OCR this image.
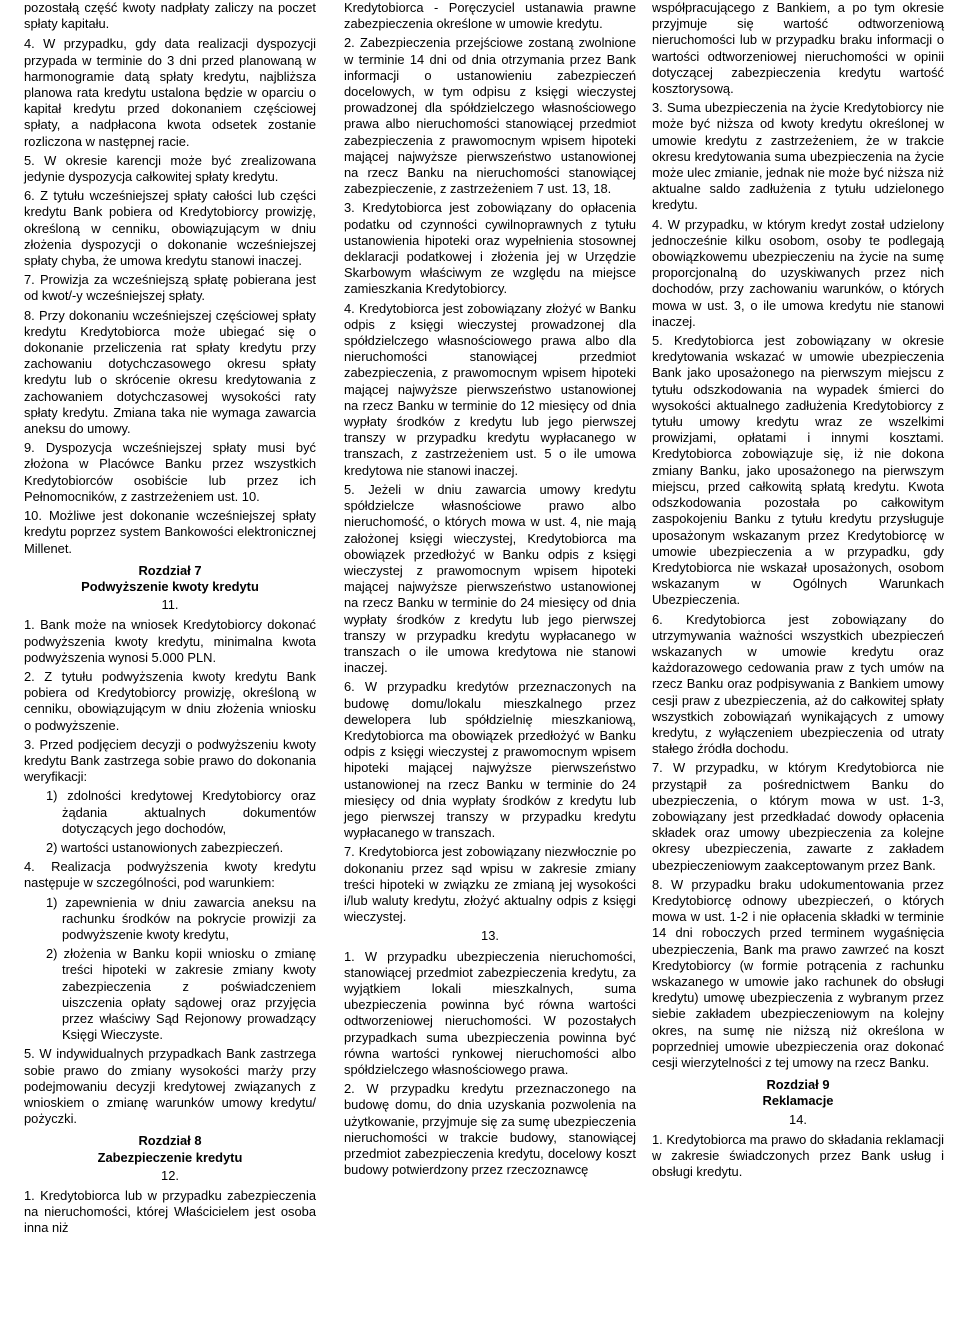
pozostałą część kwoty nadpłaty zaliczy na poczet spłaty kapitału.

4. W przypadku, gdy data realizacji dyspozycji przypada w terminie do 3 dni przed planowaną w harmonogramie datą spłaty kredytu, najbliższa planowa rata kredytu ustalona będzie w oparciu o kapitał kredytu przed dokonaniem częściowej spłaty, a nadpłacona kwota odsetek zostanie rozliczona w następnej racie.

5. W okresie karencji może być zrealizowana jedynie dyspozycja całkowitej spłaty kredytu.

6. Z tytułu wcześniejszej spłaty całości lub części kredytu Bank pobiera od Kredytobiorcy prowizję, określoną w cenniku, obowiązującym w dniu złożenia dyspozycji o dokonanie wcześniejszej spłaty chyba, że umowa kredytu stanowi inaczej.

7. Prowizja za wcześniejszą spłatę pobierana jest od kwot/-y wcześniejszej spłaty.

8. Przy dokonaniu wcześniejszej częściowej spłaty kredytu Kredytobiorca może ubiegać się o dokonanie przeliczenia rat spłaty kredytu przy zachowaniu dotychczasowego okresu spłaty kredytu lub o skrócenie okresu kredytowania z zachowaniem dotychczasowej wysokości raty spłaty kredytu. Zmiana taka nie wymaga zawarcia aneksu do umowy.

9. Dyspozycja wcześniejszej spłaty musi być złożona w Placówce Banku przez wszystkich Kredytobiorców osobiście lub przez ich Pełnomocników, z zastrzeżeniem ust. 10.

10. Możliwe jest dokonanie wcześniejszej spłaty kredytu poprzez system Bankowości elektronicznej Millenet.

Rozdział 7
Podwyższenie kwoty kredytu
11.

1. Bank może na wniosek Kredytobiorcy dokonać podwyższenia kwoty kredytu, minimalna kwota podwyższenia wynosi 5.000 PLN.

2. Z tytułu podwyższenia kwoty kredytu Bank pobiera od Kredytobiorcy prowizję, określoną w cenniku, obowiązującym w dniu złożenia wniosku o podwyższenie.

3. Przed podjęciem decyzji o podwyższeniu kwoty kredytu Bank zastrzega sobie prawo do dokonania weryfikacji:

1) zdolności kredytowej Kredytobiorcy oraz żądania aktualnych dokumentów dotyczących jego dochodów,

2) wartości ustanowionych zabezpieczeń.

4. Realizacja podwyższenia kwoty kredytu następuje w szczególności, pod warunkiem:

1) zapewnienia w dniu zawarcia aneksu na rachunku środków na pokrycie prowizji za podwyższenie kwoty kredytu,

2) złożenia w Banku kopii wniosku o zmianę treści hipoteki w zakresie zmiany kwoty zabezpieczenia z poświadczeniem uiszczenia opłaty sądowej oraz przyjęcia przez właściwy Sąd Rejonowy prowadzący Księgi Wieczyste.

5. W indywidualnych przypadkach Bank zastrzega sobie prawo do zmiany wysokości marży przy podejmowaniu decyzji kredytowej związanych z wnioskiem o zmianę warunków umowy kredytu/ pożyczki.

Rozdział 8
Zabezpieczenie kredytu
12.

1. Kredytobiorca lub w przypadku zabezpieczenia na nieruchomości, której Właścicielem jest osoba inna niż

Kredytobiorca - Poręczyciel ustanawia prawne zabezpieczenia określone w umowie kredytu.

2. Zabezpieczenia przejściowe zostaną zwolnione w terminie 14 dni od dnia otrzymania przez Bank informacji o ustanowieniu zabezpieczeń docelowych, w tym odpisu z księgi wieczystej prowadzonej dla spółdzielczego własnościowego prawa albo nieruchomości stanowiącej przedmiot zabezpieczenia z prawomocnym wpisem hipoteki mającej najwyższe pierwszeństwo ustanowionej na rzecz Banku na nieruchomości stanowiącej zabezpieczenie, z zastrzeżeniem 7 ust. 13, 18.

3. Kredytobiorca jest zobowiązany do opłacenia podatku od czynności cywilnoprawnych z tytułu ustanowienia hipoteki oraz wypełnienia stosownej deklaracji podatkowej i złożenia jej w Urzędzie Skarbowym właściwym ze względu na miejsce zamieszkania Kredytobiorcy.

4. Kredytobiorca jest zobowiązany złożyć w Banku odpis z księgi wieczystej prowadzonej dla spółdzielczego własnościowego prawa albo dla nieruchomości stanowiącej przedmiot zabezpieczenia, z prawomocnym wpisem hipoteki mającej najwyższe pierwszeństwo ustanowionej na rzecz Banku w terminie do 12 miesięcy od dnia wypłaty środków z kredytu lub jego pierwszej transzy w przypadku kredytu wypłacanego w transzach, z zastrzeżeniem ust. 5 o ile umowa kredytowa nie stanowi inaczej.

5. Jeżeli w dniu zawarcia umowy kredytu spółdzielcze własnościowe prawo albo nieruchomość, o których mowa w ust. 4, nie mają założonej księgi wieczystej, Kredytobiorca ma obowiązek przedłożyć w Banku odpis z księgi wieczystej z prawomocnym wpisem hipoteki mającej najwyższe pierwszeństwo ustanowionej na rzecz Banku w terminie do 24 miesięcy od dnia wypłaty środków z kredytu lub jego pierwszej transzy w przypadku kredytu wypłacanego w transzach o ile umowa kredytowa nie stanowi inaczej.

6. W przypadku kredytów przeznaczonych na budowę domu/lokalu mieszkalnego przez dewelopera lub spółdzielnię mieszkaniową, Kredytobiorca ma obowiązek przedłożyć w Banku odpis z księgi wieczystej z prawomocnym wpisem hipoteki mającej najwyższe pierwszeństwo ustanowionej na rzecz Banku w terminie do 24 miesięcy od dnia wypłaty środków z kredytu lub jego pierwszej transzy w przypadku kredytu wypłacanego w transzach.

7. Kredytobiorca jest zobowiązany niezwłocznie po dokonaniu przez sąd wpisu w zakresie zmiany treści hipoteki w związku ze zmianą jej wysokości i/lub waluty kredytu, złożyć aktualny odpis z księgi wieczystej.

13.

1. W przypadku ubezpieczenia nieruchomości, stanowiącej przedmiot zabezpieczenia kredytu, za wyjątkiem lokali mieszkalnych, suma ubezpieczenia powinna być równa wartości odtworzeniowej nieruchomości. W pozostałych przypadkach suma ubezpieczenia powinna być równa wartości rynkowej nieruchomości albo spółdzielczego własnościowego prawa.

2. W przypadku kredytu przeznaczonego na budowę domu, do dnia uzyskania pozwolenia na użytkowanie, przyjmuje się za sumę ubezpieczenia nieruchomości w trakcie budowy, stanowiącej przedmiot zabezpieczenia kredytu, docelowy koszt budowy potwierdzony przez rzeczoznawcę

współpracującego z Bankiem, a po tym okresie przyjmuje się wartość odtworzeniową nieruchomości lub w przypadku braku informacji o wartości odtworzeniowej nieruchomości w opinii dotyczącej zabezpieczenia kredytu wartość kosztorysową.

3. Suma ubezpieczenia na życie Kredytobiorcy nie może być niższa od kwoty kredytu określonej w umowie kredytu z zastrzeżeniem, że w trakcie okresu kredytowania suma ubezpieczenia na życie może ulec zmianie, jednak nie może być niższa niż aktualne saldo zadłużenia z tytułu udzielonego kredytu.

4. W przypadku, w którym kredyt został udzielony jednocześnie kilku osobom, osoby te podlegają obowiązkowemu ubezpieczeniu na życie na sumę proporcjonalną do uzyskiwanych przez nich dochodów, przy zachowaniu warunków, o których mowa w ust. 3, o ile umowa kredytu nie stanowi inaczej.

5. Kredytobiorca jest zobowiązany w okresie kredytowania wskazać w umowie ubezpieczenia Bank jako uposażonego na pierwszym miejscu z tytułu odszkodowania na wypadek śmierci do wysokości aktualnego zadłużenia Kredytobiorcy z tytułu umowy kredytu wraz ze wszelkimi prowizjami, opłatami i innymi kosztami. Kredytobiorca zobowiązuje się, iż nie dokona zmiany Banku, jako uposażonego na pierwszym miejscu, przed całkowitą spłatą kredytu. Kwota odszkodowania pozostała po całkowitym zaspokojeniu Banku z tytułu kredytu przysługuje uposażonym wskazanym przez Kredytobiorcę w umowie ubezpieczenia a w przypadku, gdy Kredytobiorca nie wskazał uposażonych, osobom wskazanym w Ogólnych Warunkach Ubezpieczenia.

6. Kredytobiorca jest zobowiązany do utrzymywania ważności wszystkich ubezpieczeń wskazanych w umowie kredytu oraz każdorazowego cedowania praw z tych umów na rzecz Banku oraz podpisywania z Bankiem umowy cesji praw z ubezpieczenia, aż do całkowitej spłaty wszystkich zobowiązań wynikających z umowy kredytu, z wyłączeniem ubezpieczenia od utraty stałego źródła dochodu.

7. W przypadku, w którym Kredytobiorca nie przystąpił za pośrednictwem Banku do ubezpieczenia, o którym mowa w ust. 1-3, zobowiązany jest przedkładać dowody opłacenia składek oraz umowy ubezpieczenia za kolejne okresy ubezpieczenia, zawarte z zakładem ubezpieczeniowym zaakceptowanym przez Bank.

8. W przypadku braku udokumentowania przez Kredytobiorcę odnowy ubezpieczeń, o których mowa w ust. 1-2 i nie opłacenia składki w terminie 14 dni roboczych przed terminem wygaśnięcia ubezpieczenia, Bank ma prawo zawrzeć na koszt Kredytobiorcy (w formie potrącenia z rachunku wskazanego w umowie jako rachunek do obsługi kredytu) umowę ubezpieczenia z wybranym przez siebie zakładem ubezpieczeniowym na kolejny okres, na sumę nie niższą niż określona w poprzedniej umowie ubezpieczenia oraz dokonać cesji wierzytelności z tej umowy na rzecz Banku.

Rozdział 9
Reklamacje
14.

1. Kredytobiorca ma prawo do składania reklamacji w zakresie świadczonych przez Bank usług i obsługi kredytu.
